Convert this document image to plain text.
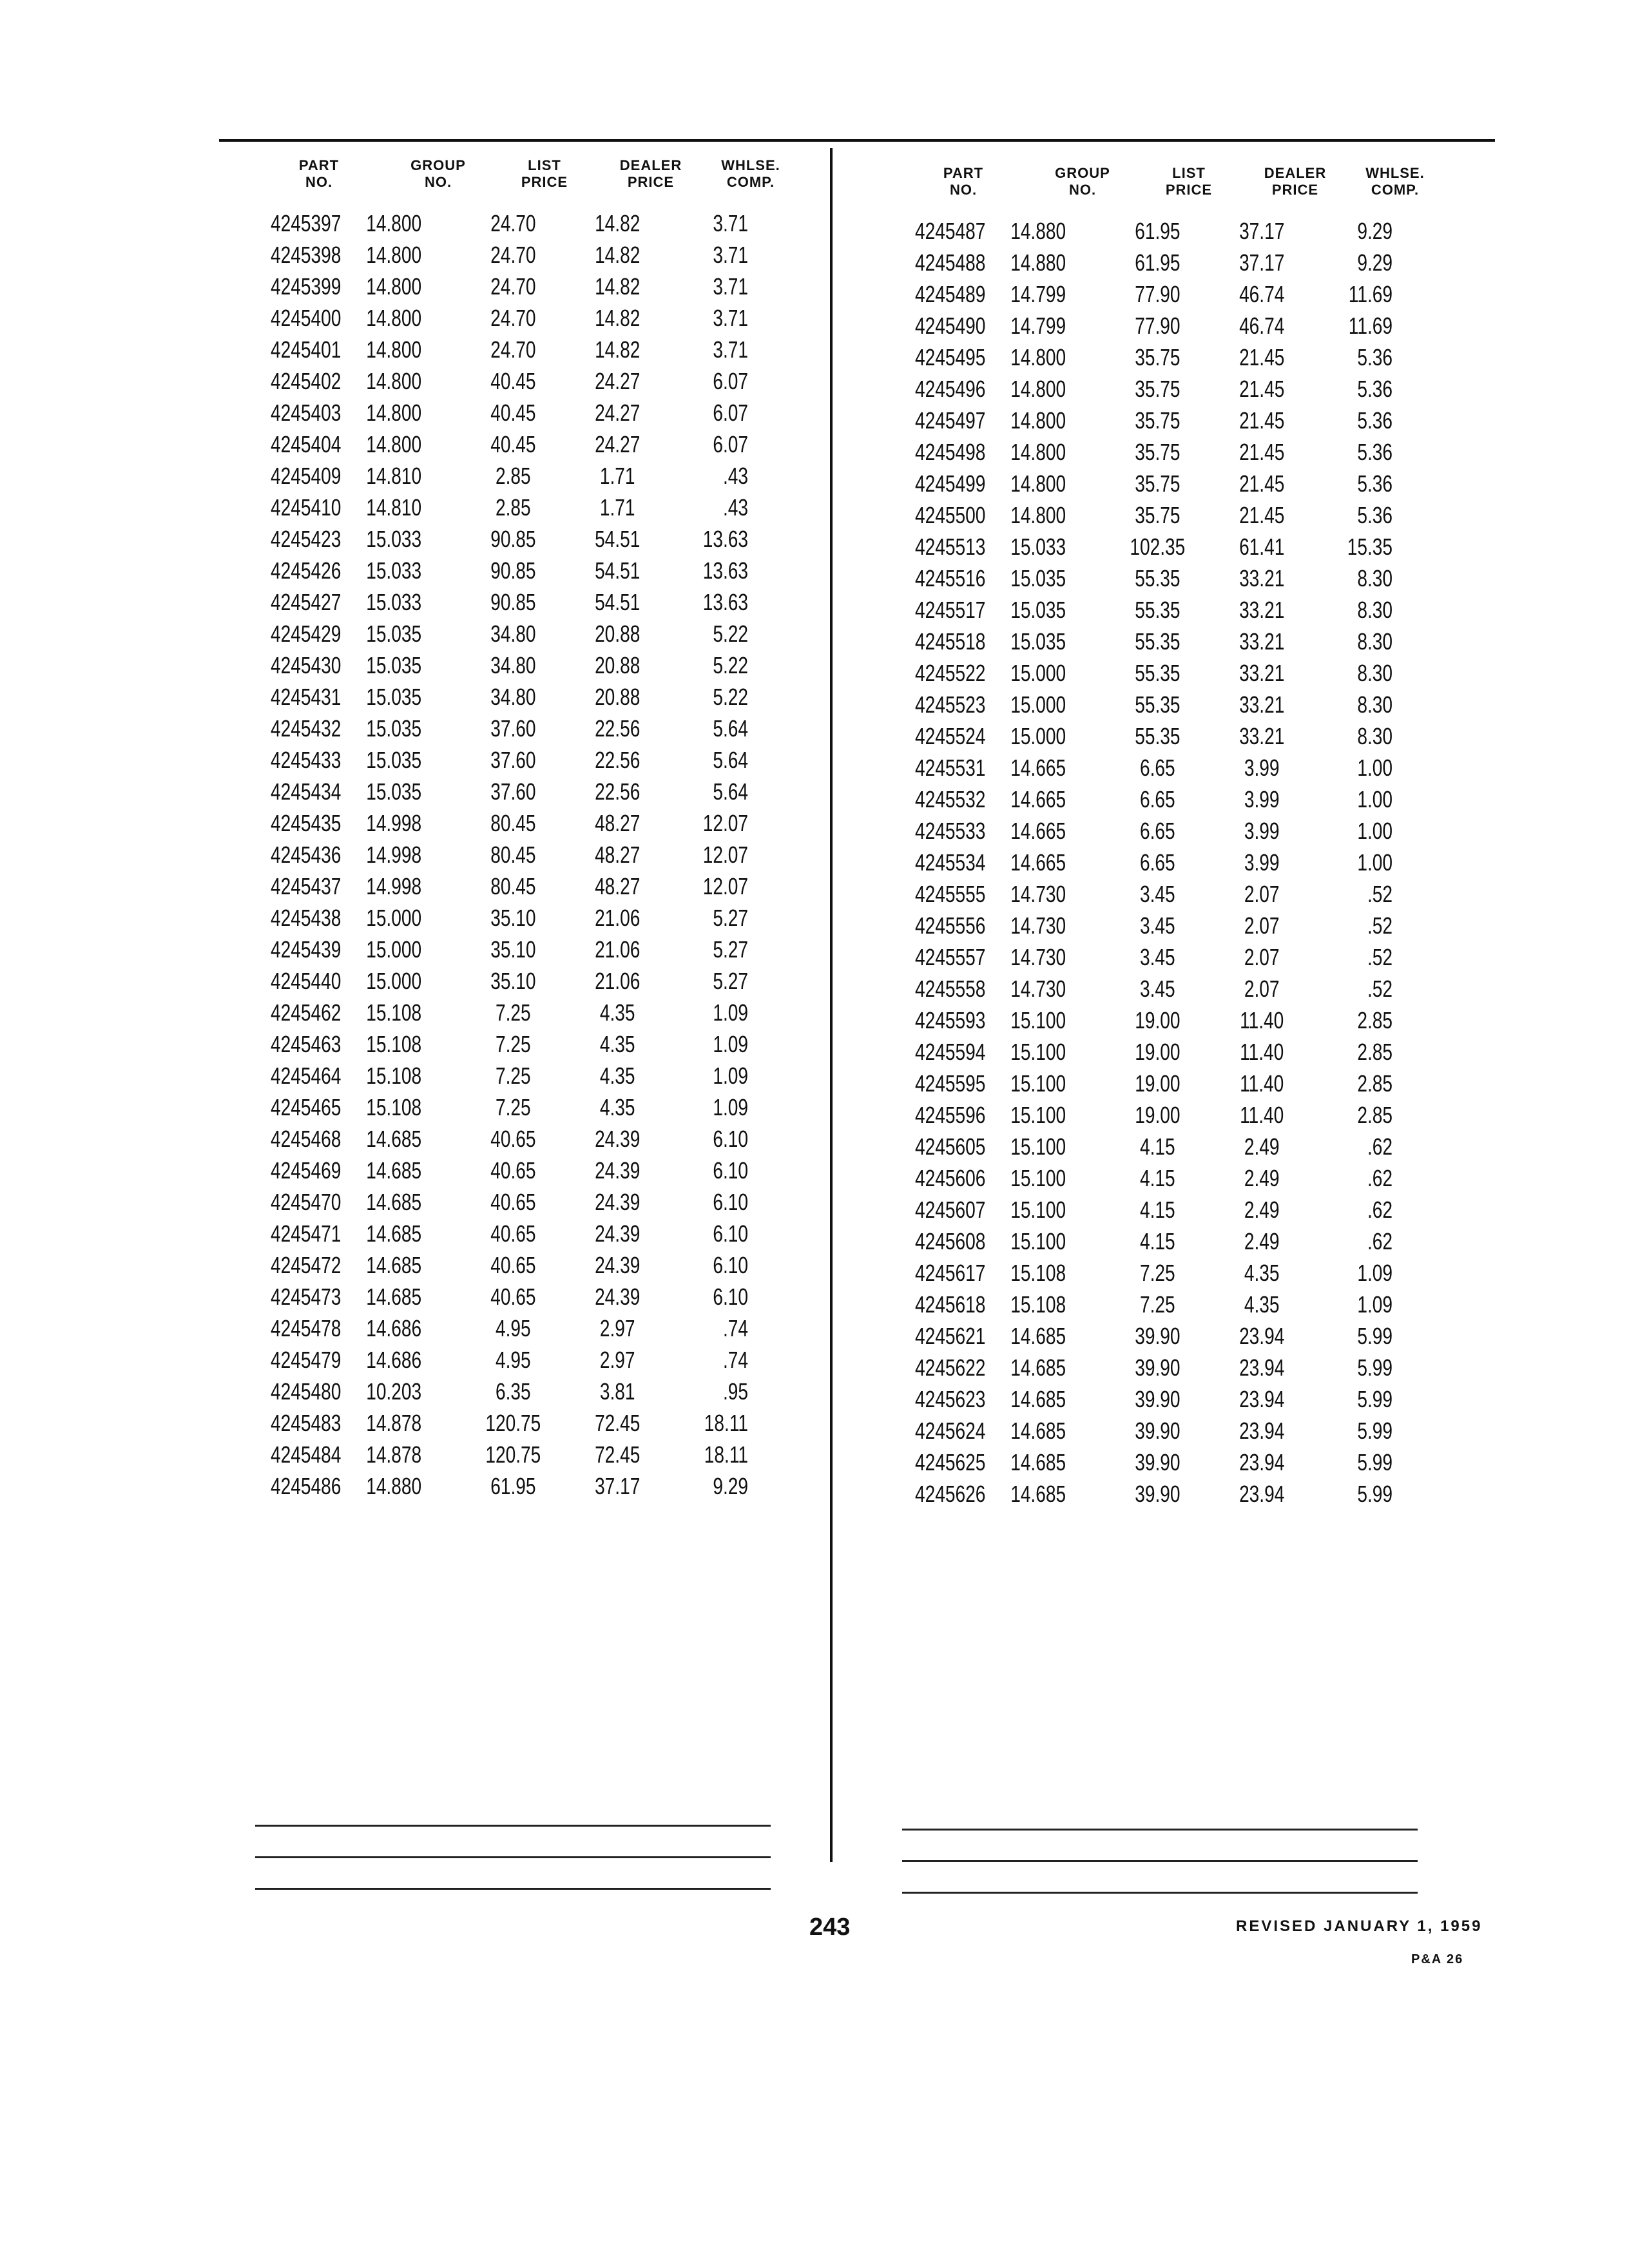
PART
NO.
GROUP
NO.
LIST
PRICE
DEALER
PRICE
WHLSE.
COMP.
4245397	14.800	24.70	14.82	3.71
4245398	14.800	24.70	14.82	3.71
4245399	14.800	24.70	14.82	3.71
4245400	14.800	24.70	14.82	3.71
4245401	14.800	24.70	14.82	3.71
4245402	14.800	40.45	24.27	6.07
4245403	14.800	40.45	24.27	6.07
4245404	14.800	40.45	24.27	6.07
4245409	14.810	2.85	1.71	.43
4245410	14.810	2.85	1.71	.43
4245423	15.033	90.85	54.51	13.63
4245426	15.033	90.85	54.51	13.63
4245427	15.033	90.85	54.51	13.63
4245429	15.035	34.80	20.88	5.22
4245430	15.035	34.80	20.88	5.22
4245431	15.035	34.80	20.88	5.22
4245432	15.035	37.60	22.56	5.64
4245433	15.035	37.60	22.56	5.64
4245434	15.035	37.60	22.56	5.64
4245435	14.998	80.45	48.27	12.07
4245436	14.998	80.45	48.27	12.07
4245437	14.998	80.45	48.27	12.07
4245438	15.000	35.10	21.06	5.27
4245439	15.000	35.10	21.06	5.27
4245440	15.000	35.10	21.06	5.27
4245462	15.108	7.25	4.35	1.09
4245463	15.108	7.25	4.35	1.09
4245464	15.108	7.25	4.35	1.09
4245465	15.108	7.25	4.35	1.09
4245468	14.685	40.65	24.39	6.10
4245469	14.685	40.65	24.39	6.10
4245470	14.685	40.65	24.39	6.10
4245471	14.685	40.65	24.39	6.10
4245472	14.685	40.65	24.39	6.10
4245473	14.685	40.65	24.39	6.10
4245478	14.686	4.95	2.97	.74
4245479	14.686	4.95	2.97	.74
4245480	10.203	6.35	3.81	.95
4245483	14.878	120.75	72.45	18.11
4245484	14.878	120.75	72.45	18.11
4245486	14.880	61.95	37.17	9.29
PART
NO.
GROUP
NO.
LIST
PRICE
DEALER
PRICE
WHLSE.
COMP.
4245487	14.880	61.95	37.17	9.29
4245488	14.880	61.95	37.17	9.29
4245489	14.799	77.90	46.74	11.69
4245490	14.799	77.90	46.74	11.69
4245495	14.800	35.75	21.45	5.36
4245496	14.800	35.75	21.45	5.36
4245497	14.800	35.75	21.45	5.36
4245498	14.800	35.75	21.45	5.36
4245499	14.800	35.75	21.45	5.36
4245500	14.800	35.75	21.45	5.36
4245513	15.033	102.35	61.41	15.35
4245516	15.035	55.35	33.21	8.30
4245517	15.035	55.35	33.21	8.30
4245518	15.035	55.35	33.21	8.30
4245522	15.000	55.35	33.21	8.30
4245523	15.000	55.35	33.21	8.30
4245524	15.000	55.35	33.21	8.30
4245531	14.665	6.65	3.99	1.00
4245532	14.665	6.65	3.99	1.00
4245533	14.665	6.65	3.99	1.00
4245534	14.665	6.65	3.99	1.00
4245555	14.730	3.45	2.07	.52
4245556	14.730	3.45	2.07	.52
4245557	14.730	3.45	2.07	.52
4245558	14.730	3.45	2.07	.52
4245593	15.100	19.00	11.40	2.85
4245594	15.100	19.00	11.40	2.85
4245595	15.100	19.00	11.40	2.85
4245596	15.100	19.00	11.40	2.85
4245605	15.100	4.15	2.49	.62
4245606	15.100	4.15	2.49	.62
4245607	15.100	4.15	2.49	.62
4245608	15.100	4.15	2.49	.62
4245617	15.108	7.25	4.35	1.09
4245618	15.108	7.25	4.35	1.09
4245621	14.685	39.90	23.94	5.99
4245622	14.685	39.90	23.94	5.99
4245623	14.685	39.90	23.94	5.99
4245624	14.685	39.90	23.94	5.99
4245625	14.685	39.90	23.94	5.99
4245626	14.685	39.90	23.94	5.99
243	REVISED JANUARY 1, 1959
P&A 26
